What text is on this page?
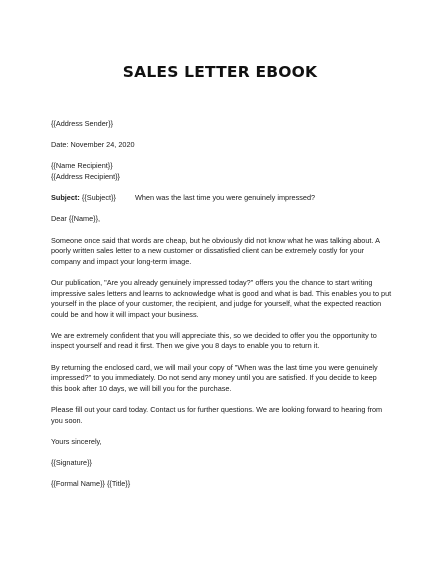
SALES LETTER EBOOK

{{Address Sender}}

Date: November 24, 2020

{{Name Recipient}}
{{Address Recipient}}

Subject: {{Subject}}	When was the last time you were genuinely impressed?

Dear {{Name}},

Someone once said that words are cheap, but he obviously did not know what he was talking about. A
poorly written sales letter to a new customer or dissatisfied client can be extremely costly for your
company and impact your long-term image.

Our publication, "Are you already genuinely impressed today?" offers you the chance to start writing
impressive sales letters and learns to acknowledge what is good and what is bad. This enables you to put
yourself in the place of your customer, the recipient, and judge for yourself, what the expected reaction
could be and how it will impact your business.

We are extremely confident that you will appreciate this, so we decided to offer you the opportunity to
inspect yourself and read it first. Then we give you 8 days to enable you to return it.

By returning the enclosed card, we will mail your copy of "When was the last time you were genuinely
impressed?" to you immediately. Do not send any money until you are satisfied. If you decide to keep
this book after 10 days, we will bill you for the purchase.

Please fill out your card today. Contact us for further questions. We are looking forward to hearing from
you soon.

Yours sincerely,

{{Signature}}

{{Formal Name}} {{Title}}
